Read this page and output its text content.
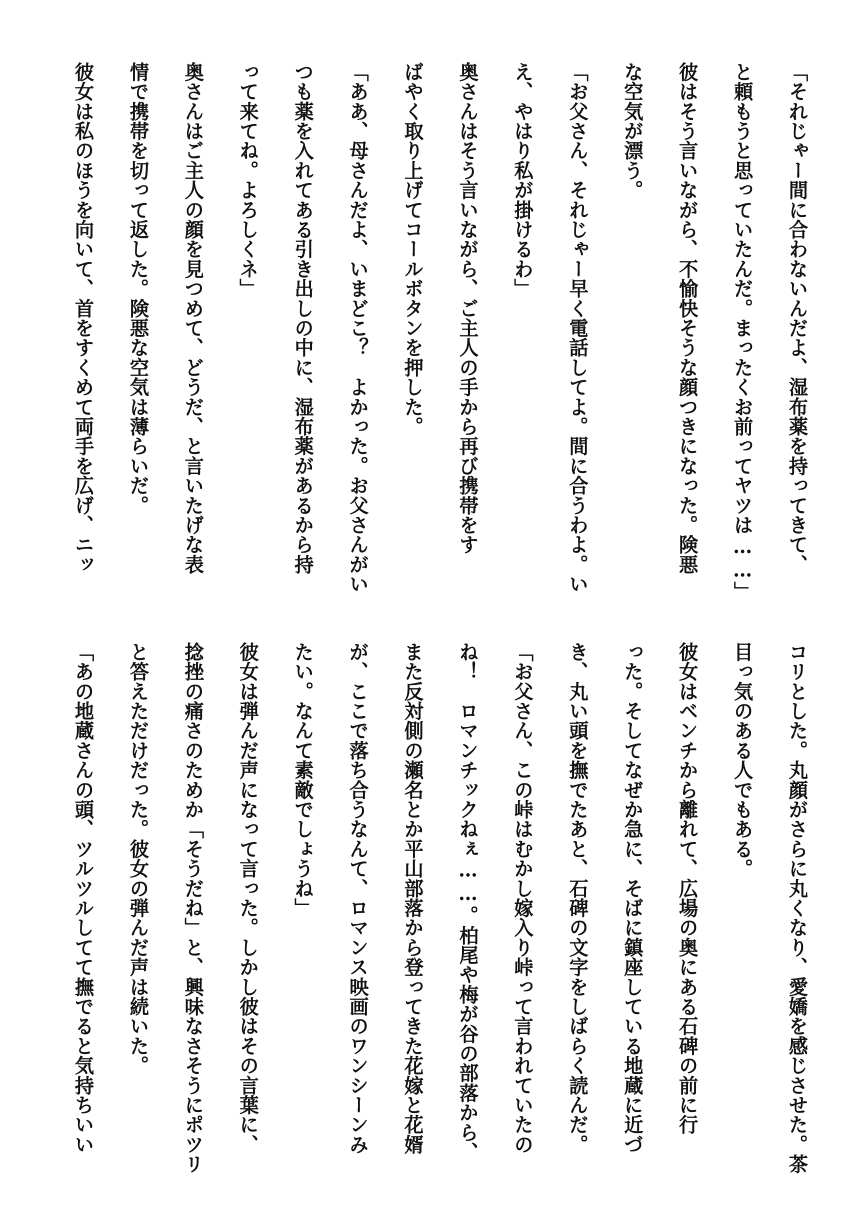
「それじゃー間に合わないんだよ、湿布薬を持ってきて、
と頼もうと思っていたんだ。まったくお前ってヤツは……」
彼はそう言いながら、不愉快そうな顔つきになった。険悪
な空気が漂う。
「お父さん、それじゃー早く電話してよ。間に合うわよ。い
え、やはり私が掛けるわ」
奥さんはそう言いながら、ご主人の手から再び携帯をす
ばやく取り上げてコールボタンを押した。
「ああ、母さんだよ、いまどこ？　よかった。お父さんがい
つも薬を入れてある引き出しの中に、湿布薬があるから持
って来てね。よろしくネ」
奥さんはご主人の顔を見つめて、どうだ、と言いたげな表
情で携帯を切って返した。険悪な空気は薄らいだ。
彼女は私のほうを向いて、首をすくめて両手を広げ、ニッ
コリとした。丸顔がさらに丸くなり、愛嬌を感じさせた。茶
目っ気のある人でもある。
彼女はベンチから離れて、広場の奥にある石碑の前に行
った。そしてなぜか急に、そばに鎮座している地蔵に近づ
き、丸い頭を撫でたあと、石碑の文字をしばらく読んだ。
「お父さん、この峠はむかし嫁入り峠って言われていたの
ね！　ロマンチックねぇ……。柏尾や梅が谷の部落から、
また反対側の瀬名とか平山部落から登ってきた花嫁と花婿
が、ここで落ち合うなんて、ロマンス映画のワンシーンみ
たい。なんて素敵でしょうね」
彼女は弾んだ声になって言った。しかし彼はその言葉に、
捻挫の痛さのためか「そうだね」と、興味なさそうにポツリ
と答えただけだった。彼女の弾んだ声は続いた。
「あの地蔵さんの頭、ツルツルしてて撫でると気持ちいい
